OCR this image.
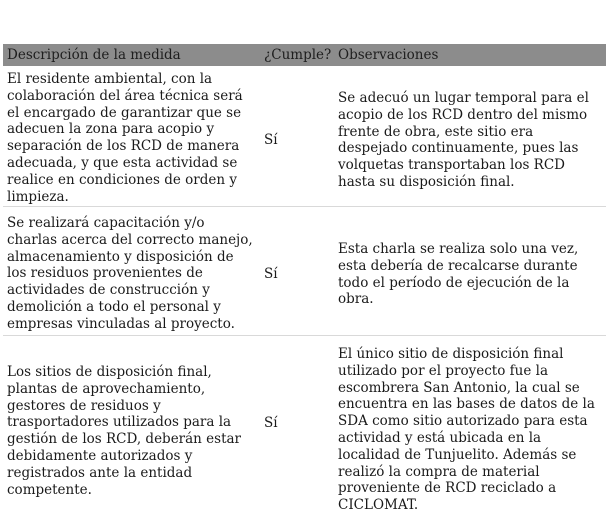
Descripción de la medida	¿Cumple? Observaciones
El residente ambiental, con la colaboración del área técnica será el encargado de garantizar que se adecuen la zona para acopio y separación de los RCD de manera adecuada, y que esta actividad se realice en condiciones de orden y limpieza.
Sí
Se adecuó un lugar temporal para el acopio de los RCD dentro del mismo frente de obra, este sitio era despejado continuamente, pues las volquetas transportaban los RCD hasta su disposición final.
Se realizará capacitación y/o charlas acerca del correcto manejo, almacenamiento y disposición de los residuos provenientes de actividades de construcción y demolición a todo el personal y empresas vinculadas al proyecto.
Sí
Esta charla se realiza solo una vez, esta debería de recalcarse durante todo el período de ejecución de la obra.
Los sitios de disposición final, plantas de aprovechamiento, gestores de residuos y trasportadores utilizados para la gestión de los RCD, deberán estar debidamente autorizados y registrados ante la entidad competente.
Sí
El único sitio de disposición final utilizado por el proyecto fue la escombrera San Antonio, la cual se encuentra en las bases de datos de la SDA como sitio autorizado para esta actividad y está ubicada en la localidad de Tunjuelito. Además se realizó la compra de material proveniente de RCD reciclado a CICLOMAT.
